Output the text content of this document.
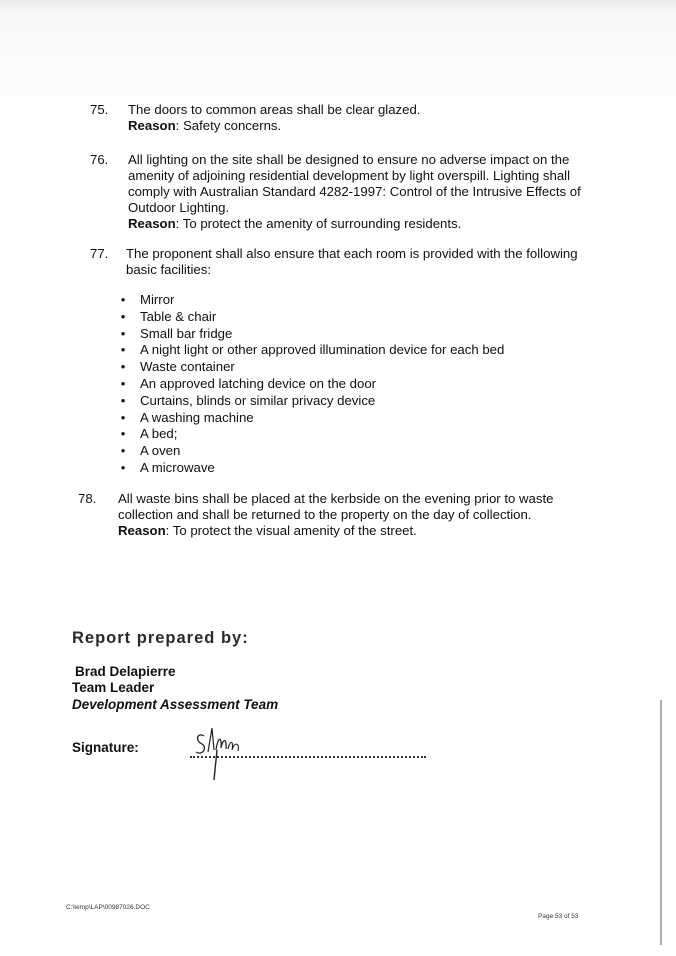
75. The doors to common areas shall be clear glazed.

Reason: Safety concerns.

76. All lighting on the site shall be designed to ensure no adverse impact on the

amenity of adjoining residential development by light overspill. Lighting shall

comply with Australian Standard 4282-1997: Control of the Intrusive Effects of

Outdoor Lighting.

Reason: To protect the amenity of surrounding residents.

77. The proponent shall also ensure that each room is provided with the following

basic facilities:

• Mirror
• Table & chair
• Small bar fridge
• A night light or other approved illumination device for each bed
• Waste container
• An approved latching device on the door
• Curtains, blinds or similar privacy device
• A washing machine
• A bed;
• A oven
• A microwave
78. All waste bins shall be placed at the kerbside on the evening prior to waste

collection and shall be returned to the property on the day of collection.

Reason: To protect the visual amenity of the street.

Report prepared by:
Brad Delapierre
Team Leader
Development Assessment Team
Signature:
C:\temp\LAP\00987026.DOC
Page 53 of 53
